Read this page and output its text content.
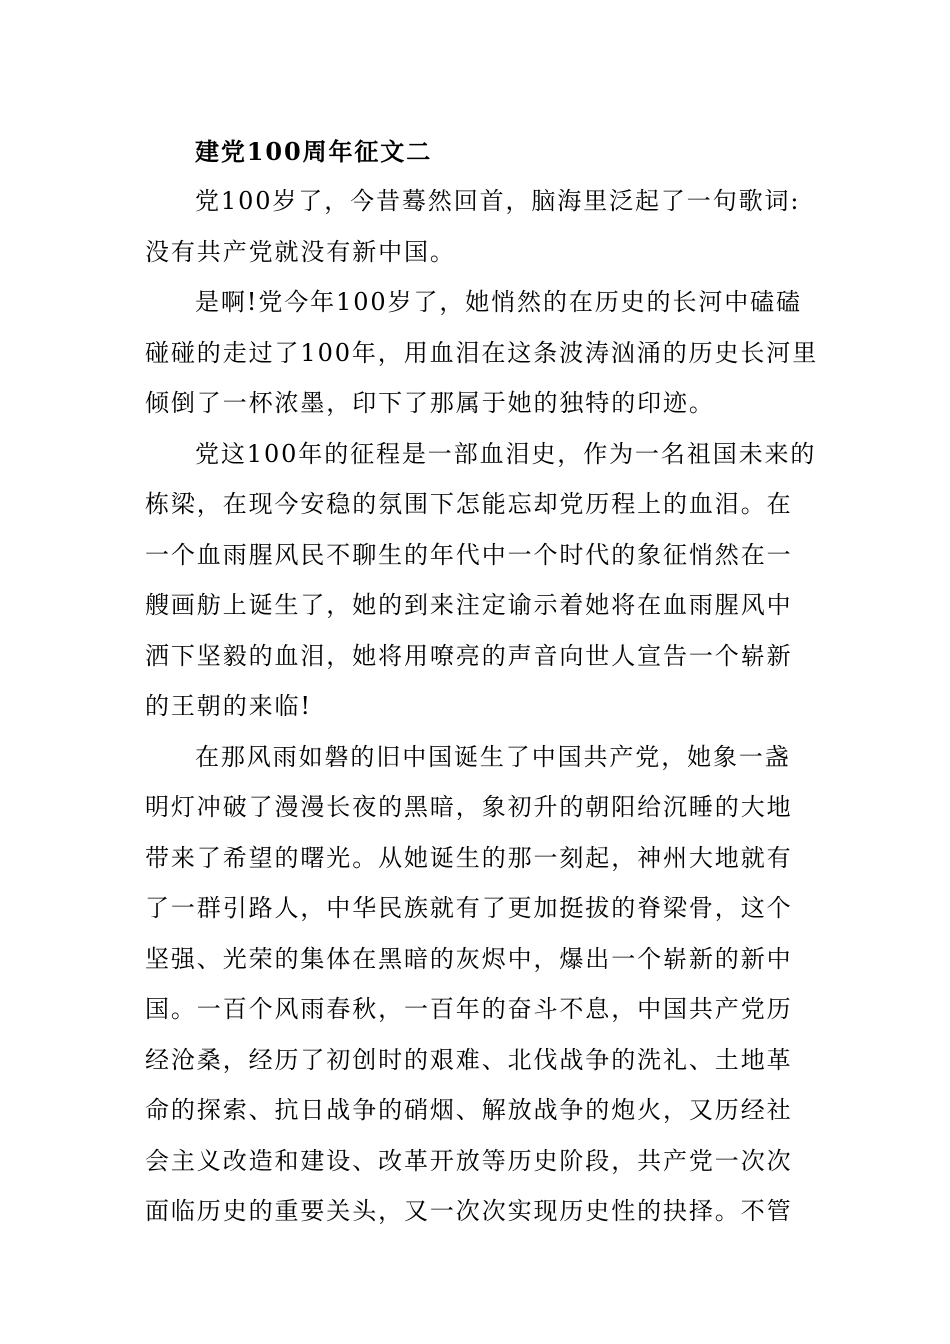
建党100周年征文二

党100岁了，今昔蓦然回首，脑海里泛起了一句歌词:
没有共产党就没有新中国。

是啊!党今年100岁了，她悄然的在历史的长河中磕磕
碰碰的走过了100年，用血泪在这条波涛汹涌的历史长河里
倾倒了一杯浓墨，印下了那属于她的独特的印迹。

党这100年的征程是一部血泪史，作为一名祖国未来的
栋梁，在现今安稳的氛围下怎能忘却党历程上的血泪。在
一个血雨腥风民不聊生的年代中一个时代的象征悄然在一
艘画舫上诞生了，她的到来注定谕示着她将在血雨腥风中
洒下坚毅的血泪，她将用嘹亮的声音向世人宣告一个崭新
的王朝的来临!

在那风雨如磐的旧中国诞生了中国共产党，她象一盏
明灯冲破了漫漫长夜的黑暗，象初升的朝阳给沉睡的大地
带来了希望的曙光。从她诞生的那一刻起，神州大地就有
了一群引路人，中华民族就有了更加挺拔的脊梁骨，这个
坚强、光荣的集体在黑暗的灰烬中，爆出一个崭新的新中
国。一百个风雨春秋，一百年的奋斗不息，中国共产党历
经沧桑，经历了初创时的艰难、北伐战争的洗礼、土地革
命的探索、抗日战争的硝烟、解放战争的炮火，又历经社
会主义改造和建设、改革开放等历史阶段，共产党一次次
面临历史的重要关头，又一次次实现历史性的抉择。不管
